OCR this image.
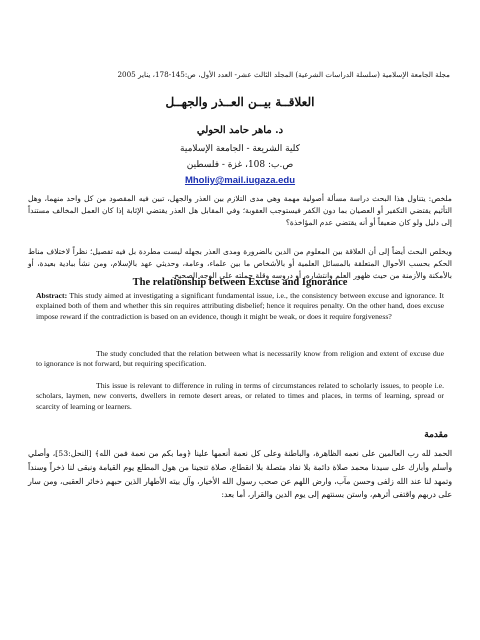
مجلة الجامعة الإسلامية (سلسلة الدراسات الشرعية) المجلد الثالث عشر- العدد الأول، ص:145-178، يناير 2005
العلاقــة بيــن العــذر والجهــل
د. ماهر حامد الحولي
كلية الشريعة - الجامعة الإسلامية
ص.ب: 108، غزة - فلسطين
Mholiy@mail.iugaza.edu
ملخص: يتناول هذا البحث دراسة مسألة أصولية مهمة وهي مدى التلازم بين العذر والجهل، تبين فيه المقصود من كل واحد منهما، وهل التأثيم يقتضي التكفير أو العصيان بما دون الكفر فيستوجب العقوبة؛ وفي المقابل هل العذر يقتضي الإثابة إذا كان العمل المخالف مستنداً إلى دليل ولو كان ضعيفاً أو أنه يقتضي عدم المؤاخذة؟
ويخلص البحث أيضاً إلى أن العلاقة بين المعلوم من الدين بالضرورة ومدى العذر بجهله ليست مطردة بل فيه تفصيل؛ نظراً لاختلاف مناط الحكم بحسب الأحوال المتعلقة بالمسائل العلمية أو بالأشخاص ما بين علماء، وعامة، وحديثي عهد بالإسلام، ومن نشأ ببادية بعيدة، أو بالأمكنة والأزمنة من حيث ظهور العلم وانتشاره، أو دروسه وقلة حملته على الوجه الصحيح.
The relationship between Excuse and Ignorance
Abstract: This study aimed at investigating a significant fundamental issue, i.e., the consistency between excuse and ignorance. It explained both of them and whether this sin requires attributing disbelief; hence it requires penalty. On the other hand, does excuse impose reward if the contradiction is based on an evidence, though it might be weak, or does it require forgiveness?
The study concluded that the relation between what is necessarily know from religion and extent of excuse due to ignorance is not forward, but requiring specification.
This issue is relevant to difference in ruling in terms of circumstances related to scholarly issues, to people i.e. scholars, laymen, new converts, dwellers in remote desert areas, or related to times and places, in terms of learning, spread or scarcity of learning or learners.
مقدمة
الحمد لله رب العالمين على نعمه الظاهرة، والباطنة وعلى كل نعمة أنعمها علينا ﴿وما بكم من نعمة فمن الله﴾ [النحل:53]، وأصلي وأسلم وأبارك على سيدنا محمد صلاة دائمة بلا نفاد متصلة بلا انقطاع، صلاة تنجينا من هول المطلع يوم القيامة ونبقى لنا ذخراً وسنداً وتمهد لنا عند الله زلفى وحسن مآب، وارض اللهم عن صحب رسول الله الأخيار، وآل بيته الأطهار الذين حبهم ذخائر العقبى، ومن سار على دربهم واقتفى أثرهم، واستن بسنتهم إلى يوم الدين والقرار، أما بعد:
